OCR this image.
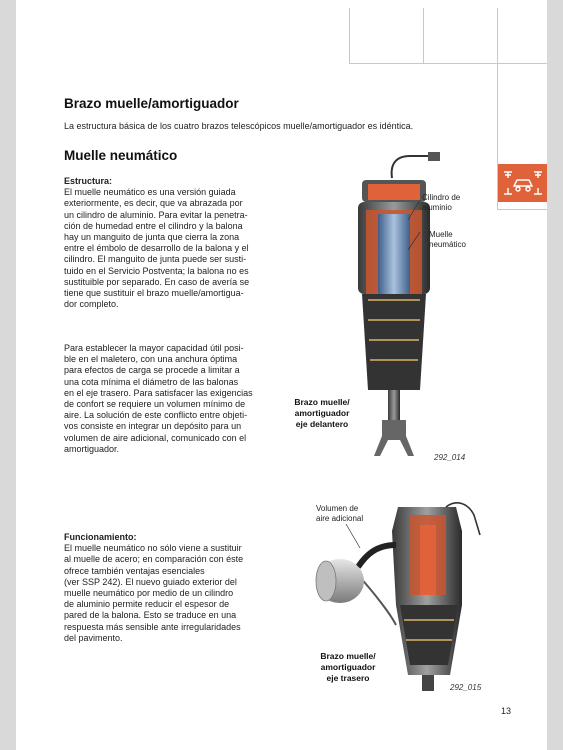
Brazo muelle/amortiguador
La estructura básica de los cuatro brazos telescópicos muelle/amortiguador es idéntica.
Muelle neumático
Estructura:
El muelle neumático es una versión guiada
exteriormente, es decir, que va abrazada por
un cilindro de aluminio. Para evitar la penetra-
ción de humedad entre el cilindro y la balona
hay un manguito de junta que cierra la zona
entre el émbolo de desarrollo de la balona y el
cilindro. El manguito de junta puede ser susti-
tuido en el Servicio Postventa; la balona no es
sustituible por separado. En caso de avería se
tiene que sustituir el brazo muelle/amortigua-
dor completo.
Para establecer la mayor capacidad útil posi-
ble en el maletero, con una anchura óptima
para efectos de carga se procede a limitar a
una cota mínima el diámetro de las balonas
en el eje trasero. Para satisfacer las exigencias
de confort se requiere un volumen mínimo de
aire. La solución de este conflicto entre objeti-
vos consiste en integrar un depósito para un
volumen de aire adicional, comunicado con el
amortiguador.
Funcionamiento:
El muelle neumático no sólo viene a sustituir
al muelle de acero; en comparación con éste
ofrece también ventajas esenciales
(ver SSP 242). El nuevo guiado exterior del
muelle neumático por medio de un cilindro
de aluminio permite reducir el espesor de
pared de la balona. Esto se traduce en una
respuesta más sensible ante irregularidades
del pavimento.
Cilindro de
aluminio
Muelle
neumático
Brazo muelle/
amortiguador
eje delantero
292_014
Volumen de
aire adicional
Brazo muelle/
amortiguador
eje trasero
292_015
13
